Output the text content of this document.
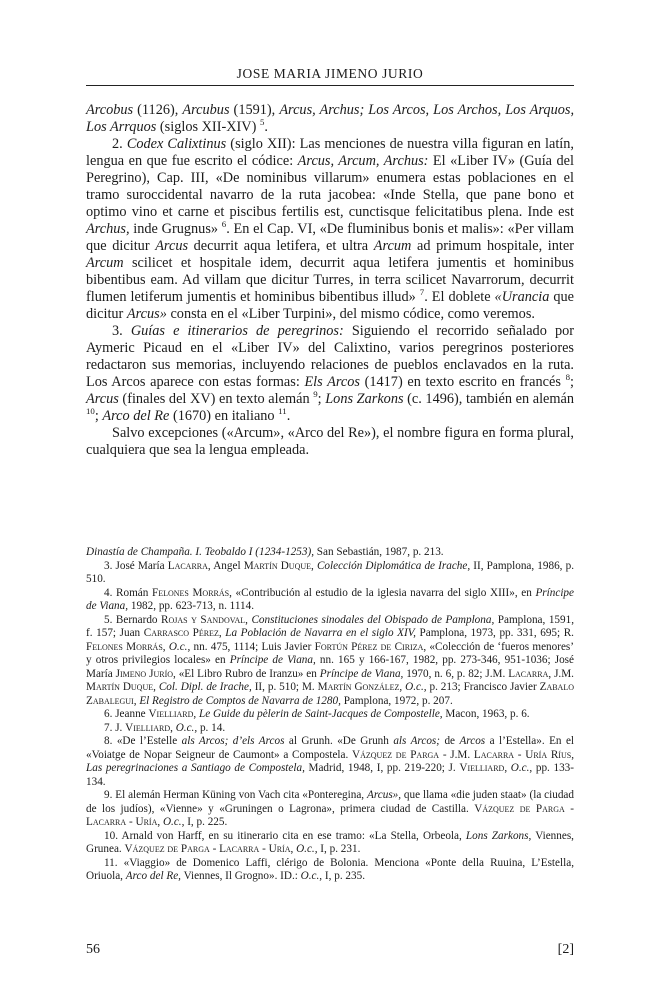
JOSE MARIA JIMENO JURIO

Arcobus (1126), Arcubus (1591), Arcus, Archus; Los Arcos, Los Archos, Los Arquos, Los Arrquos (siglos XII-XIV) $^5$.

2. Codex Calixtinus (siglo XII): Las menciones de nuestra villa figuran en latín, lengua en que fue escrito el códice: Arcus, Arcum, Archus: El «Liber IV» (Guía del Peregrino), Cap. III, «De nominibus villarum» enumera estas poblaciones en el tramo suroccidental navarro de la ruta jacobea: «Inde Stella, que pane bono et optimo vino et carne et piscibus fertilis est, cunctisque felicitatibus plena. Inde est Archus, inde Grugnus» $^6$. En el Cap. VI, «De fluminibus bonis et malis»: «Per villam que dicitur Arcus decurrit aqua letifera, et ultra Arcum ad primum hospitale, inter Arcum scilicet et hospitale idem, decurrit aqua letifera jumentis et hominibus bibentibus eam. Ad villam que dicitur Turres, in terra scilicet Navarrorum, decurrit flumen letiferum jumentis et hominibus bibentibus illud» $^7$. El doblete «Urancia que dicitur Arcus» consta en el «Liber Turpini», del mismo códice, como veremos.

3. Guías e itinerarios de peregrinos: Siguiendo el recorrido señalado por Aymeric Picaud en el «Liber IV» del Calixtino, varios peregrinos posteriores redactaron sus memorias, incluyendo relaciones de pueblos enclavados en la ruta. Los Arcos aparece con estas formas: Els Arcos (1417) en texto escrito en francés $^8$; Arcus (finales del XV) en texto alemán $^9$; Lons Zarkons (c. 1496), también en alemán $^{10}$; Arco del Re (1670) en italiano $^{11}$.

Salvo excepciones («Arcum», «Arco del Re»), el nombre figura en forma plural, cualquiera que sea la lengua empleada.

Dinastía de Champaña. I. Teobaldo I (1234-1253), San Sebastián, 1987, p. 213.

3. José María Lacarra, Angel Martín Duque, Colección Diplomática de Irache, II, Pamplona, 1986, p. 510.

4. Román Felones Morrás, «Contribución al estudio de la iglesia navarra del siglo XIII», en Príncipe de Viana, 1982, pp. 623-713, n. 1114.

5. Bernardo Rojas y Sandoval, Constituciones sinodales del Obispado de Pamplona, Pamplona, 1591, f. 157; Juan Carrasco Pérez, La Población de Navarra en el siglo XIV, Pamplona, 1973, pp. 331, 695; R. Felones Morrás, O.c., nn. 475, 1114; Luis Javier Fortún Pérez de Ciriza, «Colección de ‘fueros menores’ y otros privilegios locales» en Príncipe de Viana, nn. 165 y 166-167, 1982, pp. 273-346, 951-1036; José María Jimeno Jurío, «El Libro Rubro de Iranzu» en Príncipe de Viana, 1970, n. 6, p. 82; J.M. Lacarra, J.M. Martín Duque, Col. Dipl. de Irache, II, p. 510; M. Martín González, O.c., p. 213; Francisco Javier Zabalo Zabalegui, El Registro de Comptos de Navarra de 1280, Pamplona, 1972, p. 207.

6. Jeanne Vielliard, Le Guide du pèlerin de Saint-Jacques de Compostelle, Macon, 1963, p. 6.

7. J. Vielliard, O.c., p. 14.

8. «De l’Estelle als Arcos; d’els Arcos al Grunh. «De Grunh als Arcos; de Arcos a l’Estella». En el «Voiatge de Nopar Seigneur de Caumont» a Compostela. Vázquez de Parga - J.M. Lacarra - Uría Ríus, Las peregrinaciones a Santiago de Compostela, Madrid, 1948, I, pp. 219-220; J. Vielliard, O.c., pp. 133-134.

9. El alemán Herman Küning von Vach cita «Ponteregina, Arcus», que llama «die juden staat» (la ciudad de los judíos), «Vienne» y «Gruningen o Lagrona», primera ciudad de Castilla. Vázquez de Parga - Lacarra - Uría, O.c., I, p. 225.

10. Arnald von Harff, en su itinerario cita en ese tramo: «La Stella, Orbeola, Lons Zarkons, Viennes, Grunea. Vázquez de Parga - Lacarra - Uría, O.c., I, p. 231.

11. «Viaggio» de Domenico Laffi, clérigo de Bolonia. Menciona «Ponte della Ruuina, L’Estella, Oriuola, Arco del Re, Viennes, Il Grogno». ID.: O.c., I, p. 235.

56	[2]
